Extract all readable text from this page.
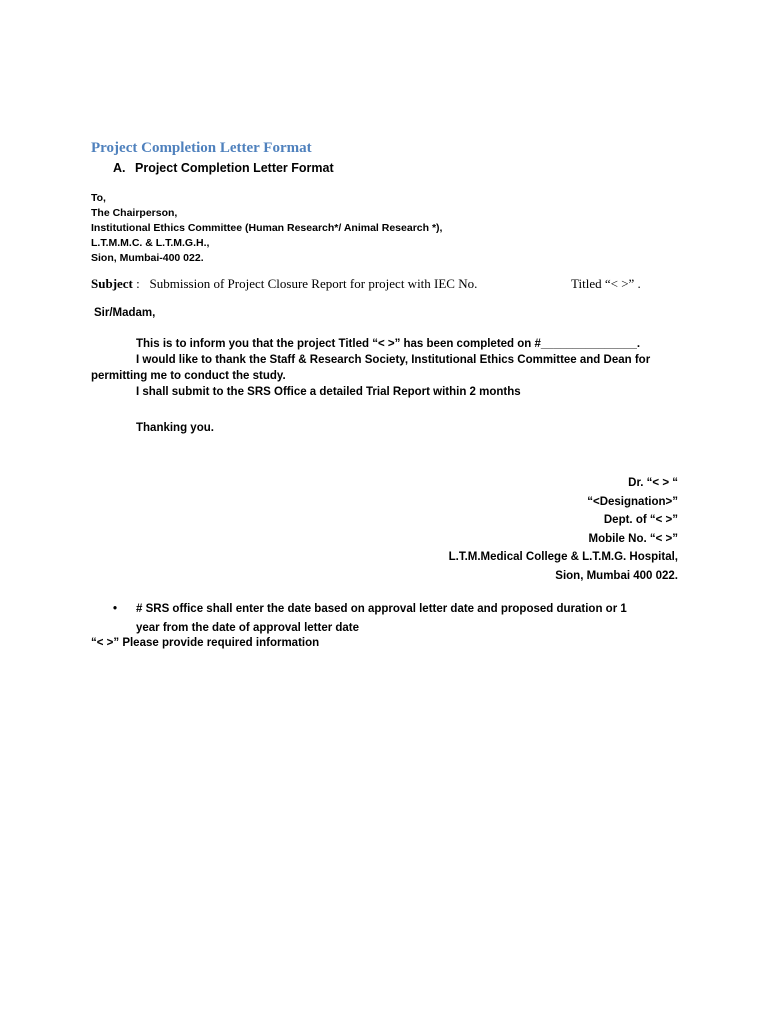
Project Completion Letter Format
A. Project Completion Letter Format
To,
The Chairperson,
Institutional Ethics Committee (Human Research*/ Animal Research *),
L.T.M.M.C. & L.T.M.G.H.,
Sion, Mumbai-400 022.
Subject : Submission of Project Closure Report for project with IEC No.	Titled “< >” .
Sir/Madam,
This is to inform you that the project Titled “< >” has been completed on #_______________.
I would like to thank the Staff & Research Society, Institutional Ethics Committee and Dean for
permitting me to conduct the study.
I shall submit to the SRS Office a detailed Trial Report within 2 months
Thanking you.
Dr. “< > “
“<Designation>”
Dept. of “< >”
Mobile No. “< >”
L.T.M.Medical College & L.T.M.G. Hospital,
Sion, Mumbai 400 022.
• # SRS office shall enter the date based on approval letter date and proposed duration or 1
year from the date of approval letter date
“< >” Please provide required information
